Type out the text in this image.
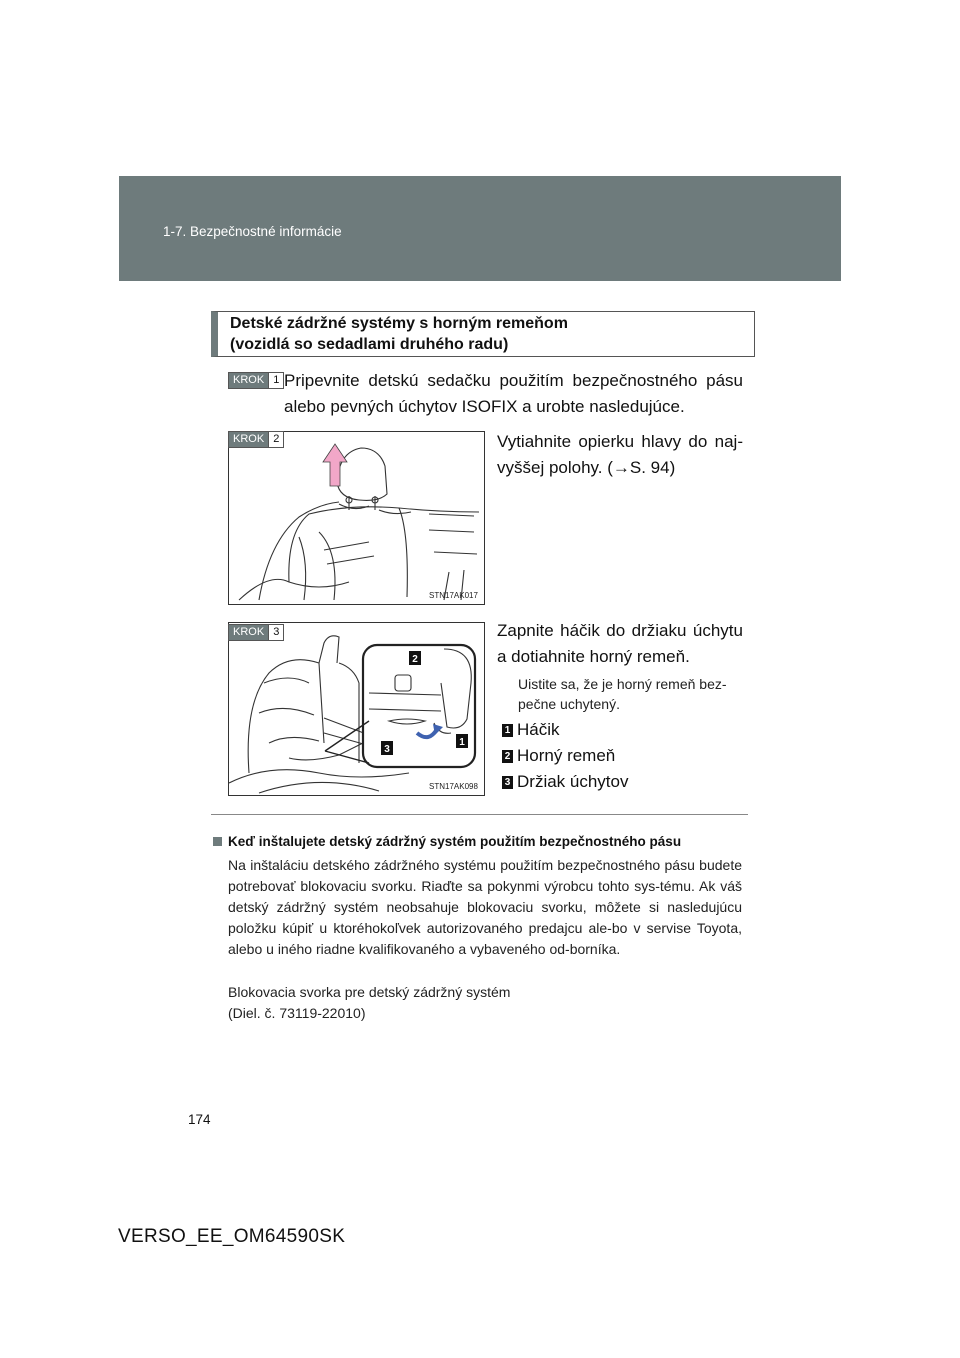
1-7. Bezpečnostné informácie
Detské zádržné systémy s horným remeňom
(vozidlá so sedadlami druhého radu)
KROK 1 Pripevnite detskú sedačku použitím bezpečnostného pásu alebo pevných úchytov ISOFIX a urobte nasledujúce.
STN17AK017
KROK 2	Vytiahnite opierku hlavy do naj-vyššej polohy. (→S. 94)
2
1
3
STN17AK098
KROK 3	Zapnite háčik do držiaku úchytu a dotiahnite horný remeň.
Uistite sa, že je horný remeň bez-pečne uchytený.
1 Háčik
2 Horný remeň
3 Držiak úchytov
Keď inštalujete detský zádržný systém použitím bezpečnostného pásu
Na inštaláciu detského zádržného systému použitím bezpečnostného pásu budete potrebovať blokovaciu svorku. Riaďte sa pokynmi výrobcu tohto sys-tému. Ak váš detský zádržný systém neobsahuje blokovaciu svorku, môžete si nasledujúcu položku kúpiť u ktoréhokoľvek autorizovaného predajcu ale-bo v servise Toyota, alebo u iného riadne kvalifikovaného a vybaveného od-borníka.
Blokovacia svorka pre detský zádržný systém
(Diel. č. 73119-22010)
174
VERSO_EE_OM64590SK
